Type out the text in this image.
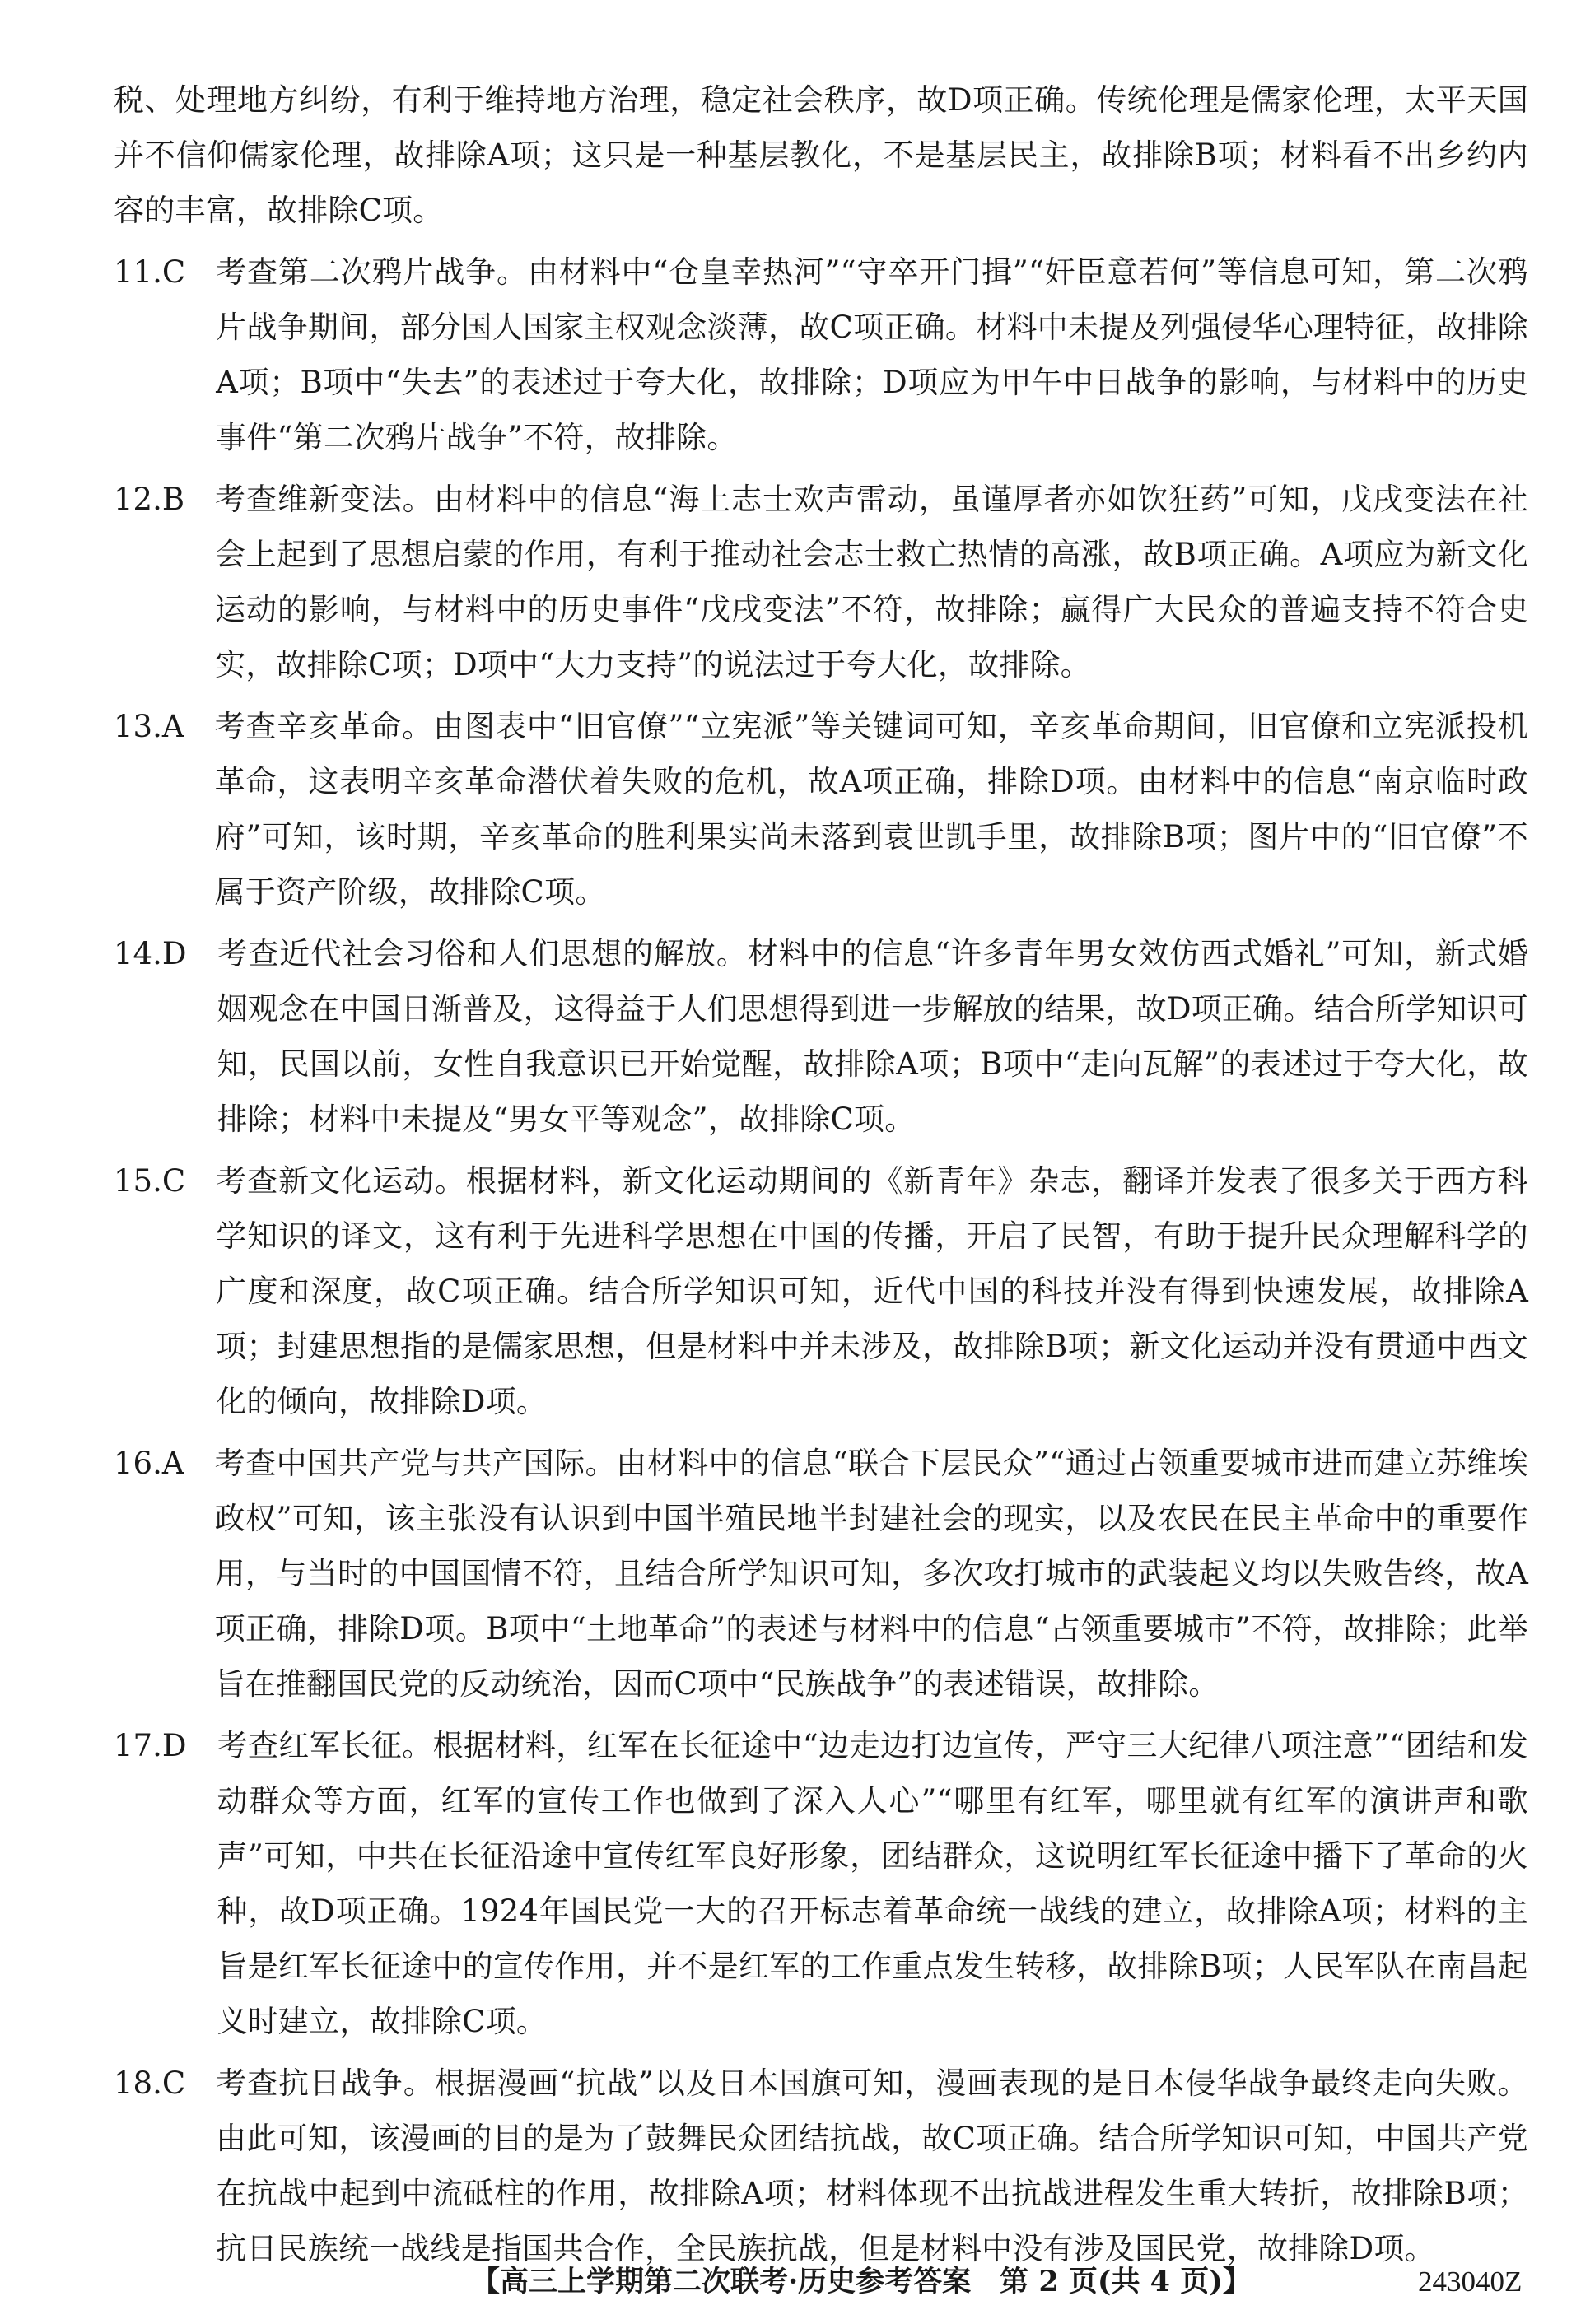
税、处理地方纠纷，有利于维持地方治理，稳定社会秩序，故D项正确。传统伦理是儒家伦理，太平天国并不信仰儒家伦理，故排除A项；这只是一种基层教化，不是基层民主，故排除B项；材料看不出乡约内容的丰富，故排除C项。

11.C　 考查第二次鸦片战争。由材料中“仓皇幸热河”“守卒开门揖”“奸臣意若何”等信息可知，第二次鸦片战争期间，部分国人国家主权观念淡薄，故C项正确。材料中未提及列强侵华心理特征，故排除A项；B项中“失去”的表述过于夸大化，故排除；D项应为甲午中日战争的影响，与材料中的历史事件“第二次鸦片战争”不符，故排除。
12.B　 考查维新变法。由材料中的信息“海上志士欢声雷动，虽谨厚者亦如饮狂药”可知，戊戌变法在社会上起到了思想启蒙的作用，有利于推动社会志士救亡热情的高涨，故B项正确。A项应为新文化运动的影响，与材料中的历史事件“戊戌变法”不符，故排除；赢得广大民众的普遍支持不符合史实，故排除C项；D项中“大力支持”的说法过于夸大化，故排除。
13.A　 考查辛亥革命。由图表中“旧官僚”“立宪派”等关键词可知，辛亥革命期间，旧官僚和立宪派投机革命，这表明辛亥革命潜伏着失败的危机，故A项正确，排除D项。由材料中的信息“南京临时政府”可知，该时期，辛亥革命的胜利果实尚未落到袁世凯手里，故排除B项；图片中的“旧官僚”不属于资产阶级，故排除C项。
14.D　 考查近代社会习俗和人们思想的解放。材料中的信息“许多青年男女效仿西式婚礼”可知，新式婚姻观念在中国日渐普及，这得益于人们思想得到进一步解放的结果，故D项正确。结合所学知识可知，民国以前，女性自我意识已开始觉醒，故排除A项；B项中“走向瓦解”的表述过于夸大化，故排除；材料中未提及“男女平等观念”，故排除C项。
15.C　 考查新文化运动。根据材料，新文化运动期间的《新青年》杂志，翻译并发表了很多关于西方科学知识的译文，这有利于先进科学思想在中国的传播，开启了民智，有助于提升民众理解科学的广度和深度，故C项正确。结合所学知识可知，近代中国的科技并没有得到快速发展，故排除A项；封建思想指的是儒家思想，但是材料中并未涉及，故排除B项；新文化运动并没有贯通中西文化的倾向，故排除D项。
16.A　 考查中国共产党与共产国际。由材料中的信息“联合下层民众”“通过占领重要城市进而建立苏维埃政权”可知，该主张没有认识到中国半殖民地半封建社会的现实，以及农民在民主革命中的重要作用，与当时的中国国情不符，且结合所学知识可知，多次攻打城市的武装起义均以失败告终，故A项正确，排除D项。B项中“土地革命”的表述与材料中的信息“占领重要城市”不符，故排除；此举旨在推翻国民党的反动统治，因而C项中“民族战争”的表述错误，故排除。
17.D　 考查红军长征。根据材料，红军在长征途中“边走边打边宣传，严守三大纪律八项注意”“团结和发动群众等方面，红军的宣传工作也做到了深入人心”“哪里有红军，哪里就有红军的演讲声和歌声”可知，中共在长征沿途中宣传红军良好形象，团结群众，这说明红军长征途中播下了革命的火种，故D项正确。1924年国民党一大的召开标志着革命统一战线的建立，故排除A项；材料的主旨是红军长征途中的宣传作用，并不是红军的工作重点发生转移，故排除B项；人民军队在南昌起义时建立，故排除C项。
18.C　 考查抗日战争。根据漫画“抗战”以及日本国旗可知，漫画表现的是日本侵华战争最终走向失败。由此可知，该漫画的目的是为了鼓舞民众团结抗战，故C项正确。结合所学知识可知，中国共产党在抗战中起到中流砥柱的作用，故排除A项；材料体现不出抗战进程发生重大转折，故排除B项；抗日民族统一战线是指国共合作，全民族抗战，但是材料中没有涉及国民党，故排除D项。
【高三上学期第二次联考·历史参考答案　第 2 页(共 4 页)】	243040Z
